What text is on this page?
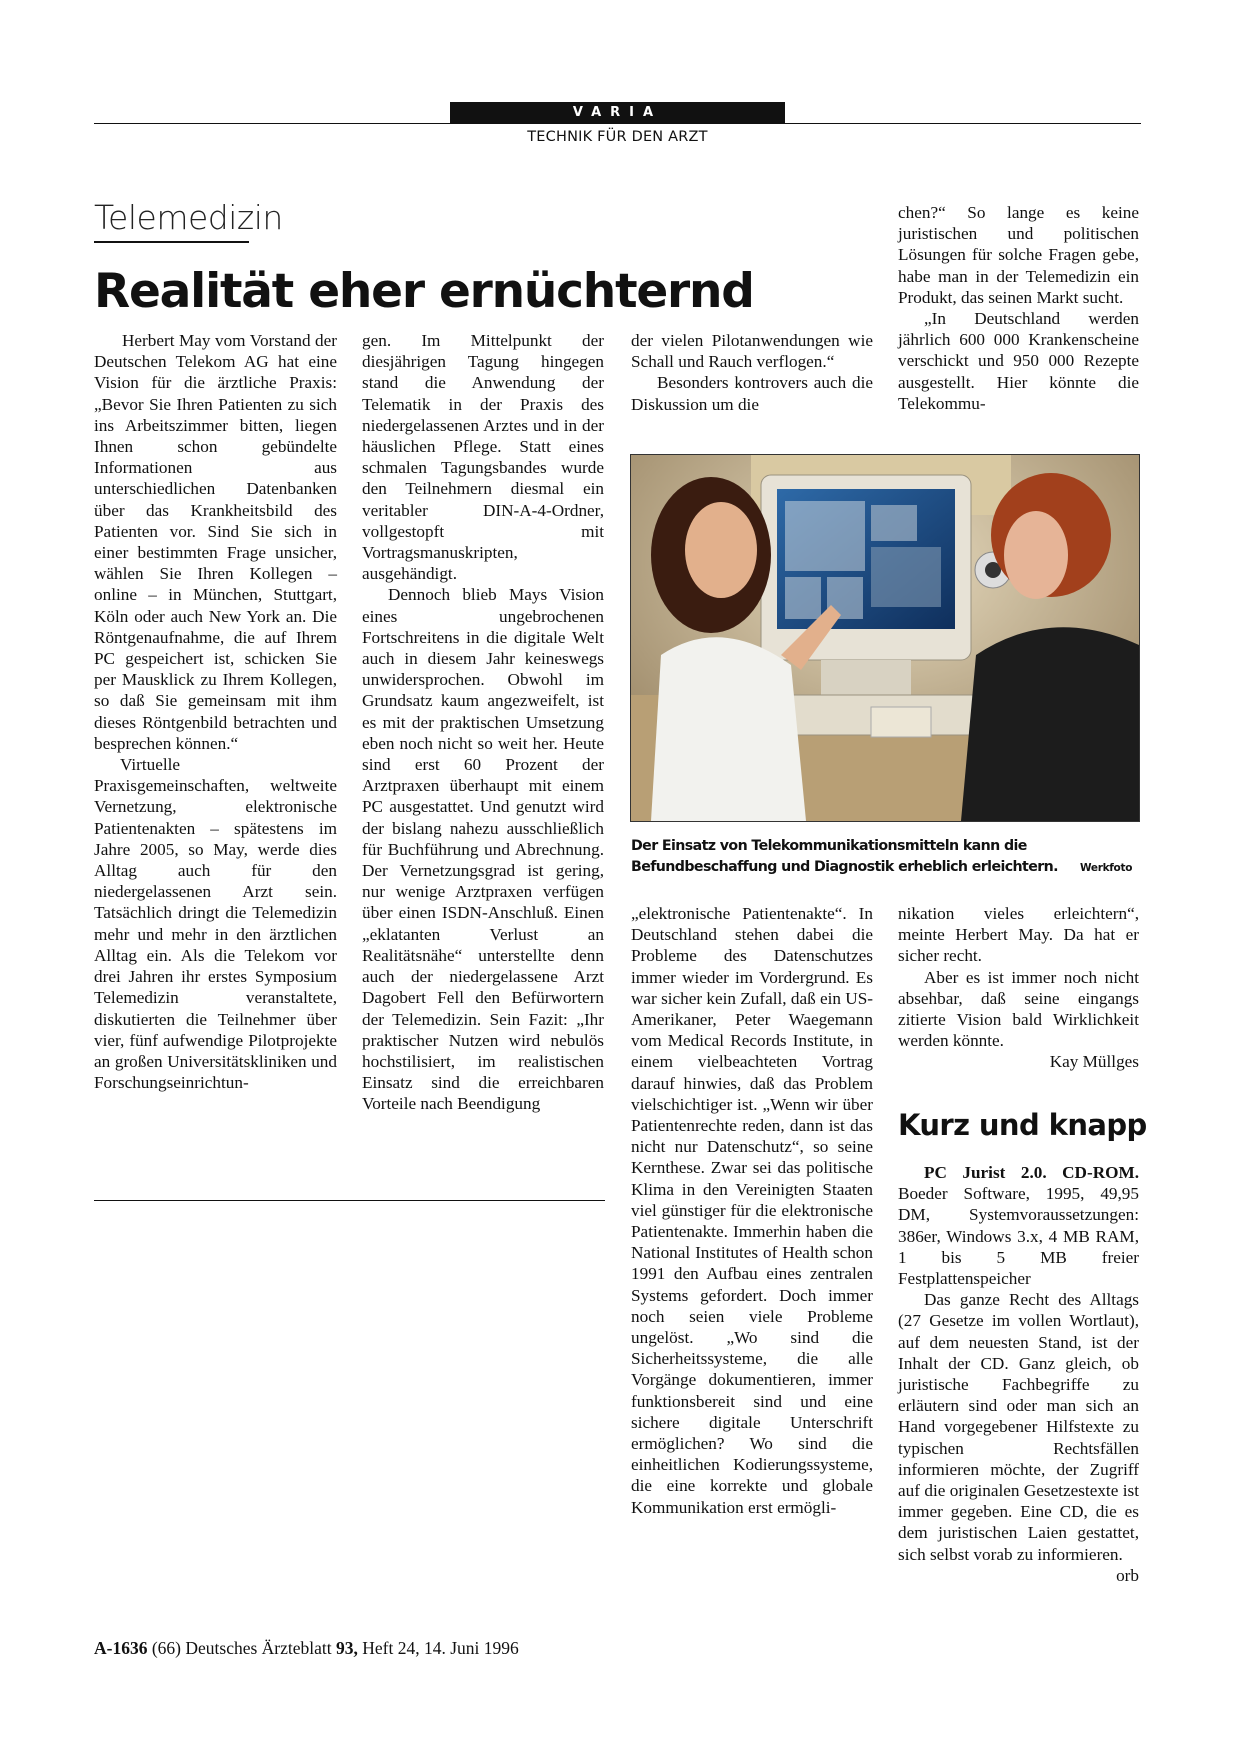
VARIA
TECHNIK FÜR DEN ARZT
Telemedizin
Realität eher ernüchternd

Herbert May vom Vorstand der Deutschen Telekom AG hat eine Vision für die ärztliche Praxis: „Bevor Sie Ihren Patienten zu sich ins Arbeitszimmer bitten, liegen Ihnen schon gebündelte Informationen aus unterschiedlichen Datenbanken über das Krankheitsbild des Patienten vor. Sind Sie sich in einer bestimmten Frage unsicher, wählen Sie Ihren Kollegen – online – in München, Stuttgart, Köln oder auch New York an. Die Röntgenaufnahme, die auf Ihrem PC gespeichert ist, schicken Sie per Mausklick zu Ihrem Kollegen, so daß Sie gemeinsam mit ihm dieses Röntgenbild betrachten und besprechen können.“

Virtuelle Praxisgemeinschaften, weltweite Vernetzung, elektronische Patientenakten – spätestens im Jahre 2005, so May, werde dies Alltag auch für den niedergelassenen Arzt sein. Tatsächlich dringt die Telemedizin mehr und mehr in den ärztlichen Alltag ein. Als die Telekom vor drei Jahren ihr erstes Symposium Telemedizin veranstaltete, diskutierten die Teilnehmer über vier, fünf aufwendige Pilotprojekte an großen Universitätskliniken und Forschungseinrichtun-

gen. Im Mittelpunkt der diesjährigen Tagung hingegen stand die Anwendung der Telematik in der Praxis des niedergelassenen Arztes und in der häuslichen Pflege. Statt eines schmalen Tagungsbandes wurde den Teilnehmern diesmal ein veritabler DIN-A-4-Ordner, vollgestopft mit Vortragsmanuskripten, ausgehändigt.

Dennoch blieb Mays Vision eines ungebrochenen Fortschreitens in die digitale Welt auch in diesem Jahr keineswegs unwidersprochen. Obwohl im Grundsatz kaum angezweifelt, ist es mit der praktischen Umsetzung eben noch nicht so weit her. Heute sind erst 60 Prozent der Arztpraxen überhaupt mit einem PC ausgestattet. Und genutzt wird der bislang nahezu ausschließlich für Buchführung und Abrechnung. Der Vernetzungsgrad ist gering, nur wenige Arztpraxen verfügen über einen ISDN-Anschluß. Einen „eklatanten Verlust an Realitätsnähe“ unterstellte denn auch der niedergelassene Arzt Dagobert Fell den Befürwortern der Telemedizin. Sein Fazit: „Ihr praktischer Nutzen wird nebulös hochstilisiert, im realistischen Einsatz sind die erreichbaren Vorteile nach Beendigung

der vielen Pilotanwendungen wie Schall und Rauch verflogen.“

Besonders kontrovers auch die Diskussion um die

chen?“ So lange es keine juristischen und politischen Lösungen für solche Fragen gebe, habe man in der Telemedizin ein Produkt, das seinen Markt sucht.

„In Deutschland werden jährlich 600 000 Krankenscheine verschickt und 950 000 Rezepte ausgestellt. Hier könnte die Telekommu-

Der Einsatz von Telekommunikationsmitteln kann die Befundbeschaffung und Diagnostik erheblich erleichtern.	Werkfoto

„elektronische Patientenakte“. In Deutschland stehen dabei die Probleme des Datenschutzes immer wieder im Vordergrund. Es war sicher kein Zufall, daß ein US-Amerikaner, Peter Waegemann vom Medical Records Institute, in einem vielbeachteten Vortrag darauf hinwies, daß das Problem vielschichtiger ist. „Wenn wir über Patientenrechte reden, dann ist das nicht nur Datenschutz“, so seine Kernthese. Zwar sei das politische Klima in den Vereinigten Staaten viel günstiger für die elektronische Patientenakte. Immerhin haben die National Institutes of Health schon 1991 den Aufbau eines zentralen Systems gefordert. Doch immer noch seien viele Probleme ungelöst. „Wo sind die Sicherheitssysteme, die alle Vorgänge dokumentieren, immer funktionsbereit sind und eine sichere digitale Unterschrift ermöglichen? Wo sind die einheitlichen Kodierungssysteme, die eine korrekte und globale Kommunikation erst ermögli-

nikation vieles erleichtern“, meinte Herbert May. Da hat er sicher recht.

Aber es ist immer noch nicht absehbar, daß seine eingangs zitierte Vision bald Wirklichkeit werden könnte.

Kay Müllges

Kurz und knapp

PC Jurist 2.0. CD-ROM. Boeder Software, 1995, 49,95 DM, Systemvoraussetzungen: 386er, Windows 3.x, 4 MB RAM, 1 bis 5 MB freier Festplattenspeicher

Das ganze Recht des Alltags (27 Gesetze im vollen Wortlaut), auf dem neuesten Stand, ist der Inhalt der CD. Ganz gleich, ob juristische Fachbegriffe zu erläutern sind oder man sich an Hand vorgegebener Hilfstexte zu typischen Rechtsfällen informieren möchte, der Zugriff auf die originalen Gesetzestexte ist immer gegeben. Eine CD, die es dem juristischen Laien gestattet, sich selbst vorab zu informieren.
orb

A-1636 (66) Deutsches Ärzteblatt 93, Heft 24, 14. Juni 1996
